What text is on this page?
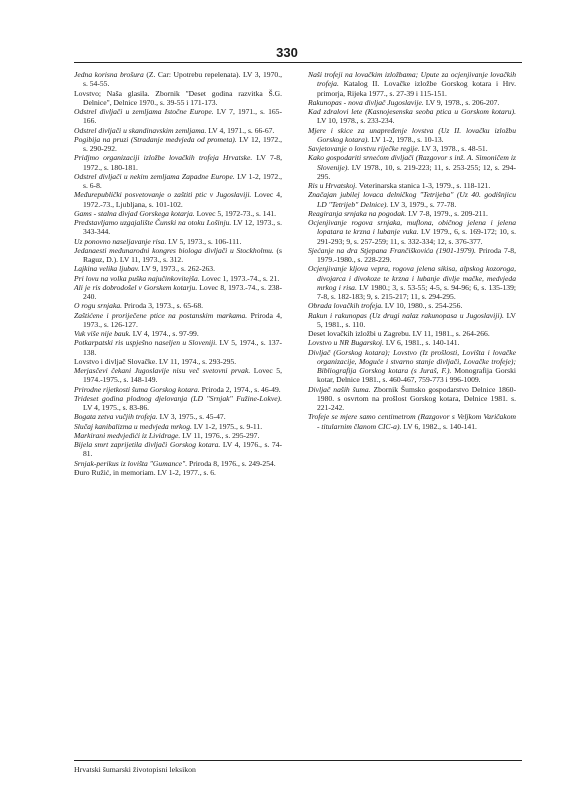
330

Jedna korisna brošura (Z. Car: Upotrebu repelenata). LV 3, 1970., s. 54-55.

Lovstvo; Naša glasila. Zbornik "Deset godina razvitka Š.G. Delnice", Delnice 1970., s. 39-55 i 171-173.

Odstrel divljači u zemljama Istočne Europe. LV 7, 1971., s. 165-166.

Odstrel divljači u skandinavskim zemljama. LV 4, 1971., s. 66-67.

Pogibija na pruzi (Stradanje medvjeda od prometa). LV 12, 1972., s. 290-292.

Pridjmo organizaciji izložbe lovačkih trofeja Hrvatske. LV 7-8, 1972., s. 180-181.

Odstrel divljači u nekim zemljama Zapadne Europe. LV 1-2, 1972., s. 6-8.

Međurepublički posvetovanje o zaštiti ptic v Jugoslaviji. Lovec 4, 1972.-73., Ljubljana, s. 101-102.

Gams - stalna divjad Gorskega kotarja. Lovec 5, 1972-73., s. 141.

Predstavljamo uzgajalište Čunski na otoku Lošinju. LV 12, 1973., s. 343-344.

Uz ponovno naseljavanje risa. LV 5, 1973., s. 106-111.

Jedanaesti međunarodni kongres biologa divljači u Stockholmu. (s Raguz, D.). LV 11, 1973., s. 312.

Lajkina velika ljubav. LV 9, 1973., s. 262-263.

Pri lovu na volka puška najučinkovitejša. Lovec 1, 1973.-74., s. 21.

Ali je ris dobrodošel v Gorskem kotarju. Lovec 8, 1973.-74., s. 238-240.

O rogu srnjaka. Priroda 3, 1973., s. 65-68.

Zaštićene i proriječene ptice na postanskim markama. Priroda 4, 1973., s. 126-127.

Vuk više nije bauk. LV 4, 1974., s. 97-99.

Potkarpatski ris uspješno naseljen u Sloveniji. LV 5, 1974., s. 137-138.

Lovstvo i divljač Slovačke. LV 11, 1974., s. 293-295.

Merjasčevi čekani Jugoslavije nisu več svetovni prvak. Lovec 5, 1974.-1975., s. 148-149.

Prirodne rijetkosti šuma Gorskog kotara. Priroda 2, 1974., s. 46-49.

Trideset godina plodnog djelovanja (LD "Srnjak" Fužine-Lokve). LV 4, 1975., s. 83-86.

Bogata zetva vučjih trofeja. LV 3, 1975., s. 45-47.

Slučaj kanibalizma u medvjeda mrkog. LV 1-2, 1975., s. 9-11.

Markirani medvjedići iz Lividrage. LV 11, 1976., s. 295-297.

Bijela smrt zaprijetila divljači Gorskog kotara. LV 4, 1976., s. 74-81.

Srnjak-perikus iz lovišta "Gumance". Priroda 8, 1976., s. 249-254.

Đuro Ružić, in memoriam. LV 1-2, 1977., s. 6.

Naši trofeji na lovačkim izložbama; Upute za ocjenjivanje lovačkih trofeja. Katalog II. Lovačke izložbe Gorskog kotara i Hrv. primorja, Rijeka 1977., s. 27-39 i 115-151.

Rakunopas - nova divljač Jugoslavije. LV 9, 1978., s. 206-207.

Kad zdralovi lete (Kasnojesenska seoba ptica u Gorskom kotaru). LV 10, 1978., s. 233-234.

Mjere i skice za unapređenje lovstva (Uz II. lovačku izložbu Gorskog kotara). LV 1-2, 1978., s. 10-13.

Savjetovanje o lovstvu riječke regije. LV 3, 1978., s. 48-51.

Kako gospodariti srnećom divljači (Razgovor s inž. A. Simoničem iz Slovenije). LV 1978., 10, s. 219-223; 11, s. 253-255; 12, s. 294-295.

Ris u Hrvatskoj. Veterinarska stanica 1-3, 1979., s. 118-121.

Značajan jubilej lovaca delničkog "Tetrijeba" (Uz 40. godišnjicu LD "Tetrijeb" Delnice). LV 3, 1979., s. 77-78.

Reagiranja srnjaka na pogodak. LV 7-8, 1979., s. 209-211.

Ocjenjivanje rogova srnjaka, muflona, običnog jelena i jelena lopatara te krzna i lubanje vuka. LV 1979., 6, s. 169-172; 10, s. 291-293; 9, s. 257-259; 11, s. 332-334; 12, s. 376-377.

Sjećanje na dra Stjepana Frančiškovića (1901-1979). Priroda 7-8, 1979.-1980., s. 228-229.

Ocjenjivanje kljova vepra, rogova jelena sikisa, alpskog kozoroga, divojarca i divokoze te krzna i lubanje divlje mačke, medvjeda mrkog i risa. LV 1980.; 3, s. 53-55; 4-5, s. 94-96; 6, s. 135-139; 7-8, s. 182-183; 9, s. 215-217; 11, s. 294-295.

Obrada lovačkih trofeja. LV 10, 1980., s. 254-256.

Rakun i rakunopas (Uz drugi nalaz rakunopasa u Jugoslaviji). LV 5, 1981., s. 110.

Deset lovačkih izložbi u Zagrebu. LV 11, 1981., s. 264-266.

Lovstvo u NR Bugarskoj. LV 6, 1981., s. 140-141.

Divljač (Gorskog kotara); Lovstvo (Iz prošlosti, Lovišta i lovačke organizacije, Moguće i stvarno stanje divljači, Lovačke trofeje); Bibliografija Gorskog kotara (s Juraš, F.). Monografija Gorski kotar, Delnice 1981., s. 460-467, 759-773 i 996-1009.

Divljač naših šuma. Zbornik Šumsko gospodarstvo Delnice 1860-1980. s osvrtom na prošlost Gorskog kotara, Delnice 1981. s. 221-242.

Trofeje se mjere samo centimetrom (Razgovor s Veljkom Varičakom - titularnim članom CIC-a). LV 6, 1982., s. 140-141.

Hrvatski šumarski životopisni leksikon
